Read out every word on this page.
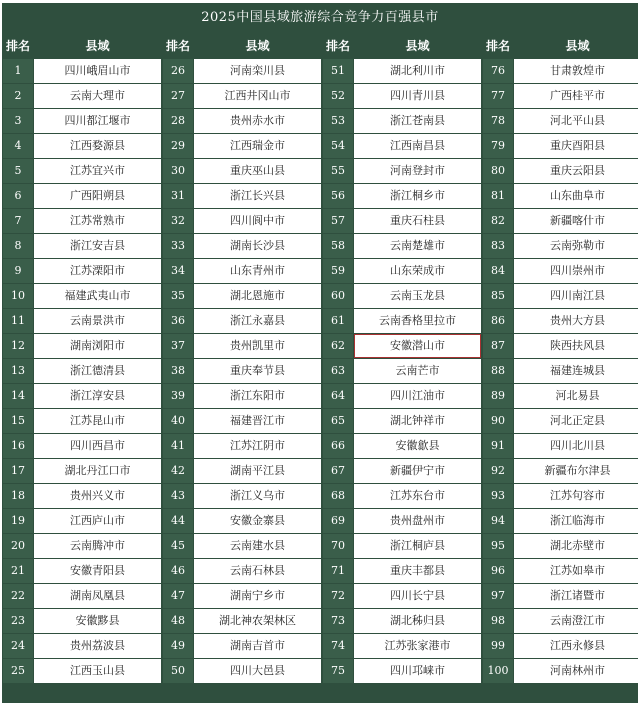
2025中国县域旅游综合竞争力百强县市
排名	县域
1	四川峨眉山市
2	云南大理市
3	四川都江堰市
4	江西婺源县
5	江苏宜兴市
6	广西阳朔县
7	江苏常熟市
8	浙江安吉县
9	江苏溧阳市
10	福建武夷山市
11	云南景洪市
12	湖南浏阳市
13	浙江德清县
14	浙江淳安县
15	江苏昆山市
16	四川西昌市
17	湖北丹江口市
18	贵州兴义市
19	江西庐山市
20	云南腾冲市
21	安徽青阳县
22	湖南凤凰县
23	安徽黟县
24	贵州荔波县
25	江西玉山县
排名	县域
26	河南栾川县
27	江西井冈山市
28	贵州赤水市
29	江西瑞金市
30	重庆巫山县
31	浙江长兴县
32	四川阆中市
33	湖南长沙县
34	山东青州市
35	湖北恩施市
36	浙江永嘉县
37	贵州凯里市
38	重庆奉节县
39	浙江东阳市
40	福建晋江市
41	江苏江阴市
42	湖南平江县
43	浙江义乌市
44	安徽金寨县
45	云南建水县
46	云南石林县
47	湖南宁乡市
48	湖北神农架林区
49	湖南吉首市
50	四川大邑县
排名	县域
51	湖北利川市
52	四川青川县
53	浙江苍南县
54	江西南昌县
55	河南登封市
56	浙江桐乡市
57	重庆石柱县
58	云南楚雄市
59	山东荣成市
60	云南玉龙县
61	云南香格里拉市
62	安徽潜山市
63	云南芒市
64	四川江油市
65	湖北钟祥市
66	安徽歙县
67	新疆伊宁市
68	江苏东台市
69	贵州盘州市
70	浙江桐庐县
71	重庆丰都县
72	四川长宁县
73	湖北秭归县
74	江苏张家港市
75	四川邛崃市
排名	县域
76	甘肃敦煌市
77	广西桂平市
78	河北平山县
79	重庆酉阳县
80	重庆云阳县
81	山东曲阜市
82	新疆喀什市
83	云南弥勒市
84	四川崇州市
85	四川南江县
86	贵州大方县
87	陕西扶风县
88	福建连城县
89	河北易县
90	河北正定县
91	四川北川县
92	新疆布尔津县
93	江苏句容市
94	浙江临海市
95	湖北赤壁市
96	江苏如皋市
97	浙江诸暨市
98	云南澄江市
99	江西永修县
100	河南林州市
